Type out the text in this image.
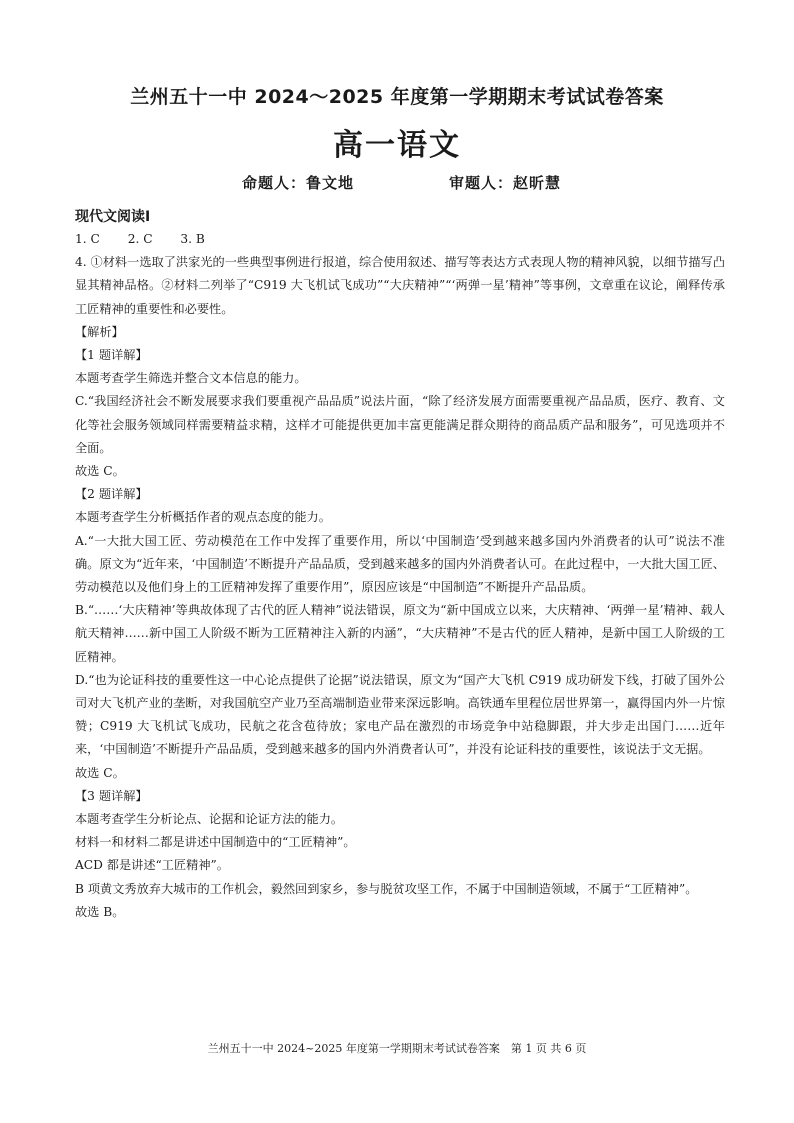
兰州五十一中 2024～2025 年度第一学期期末考试试卷答案
高一语文
命题人：鲁文地	审题人：赵昕慧
现代文阅读Ⅰ

1. C 2. C 3. B

4. ①材料一选取了洪家光的一些典型事例进行报道，综合使用叙述、描写等表达方式表现人物的精神风貌，以细节描写凸显其精神品格。②材料二列举了“C919 大飞机试飞成功”“大庆精神”“‘两弹一星’精神”等事例，文章重在议论，阐释传承工匠精神的重要性和必要性。

【解析】

【1 题详解】

本题考查学生筛选并整合文本信息的能力。

C.“我国经济社会不断发展要求我们要重视产品品质”说法片面，“除了经济发展方面需要重视产品品质，医疗、教育、文化等社会服务领域同样需要精益求精，这样才可能提供更加丰富更能满足群众期待的商品质产品和服务”，可见选项并不全面。

故选 C。

【2 题详解】

本题考查学生分析概括作者的观点态度的能力。

A.“一大批大国工匠、劳动模范在工作中发挥了重要作用，所以‘中国制造’受到越来越多国内外消费者的认可”说法不准确。原文为“近年来，‘中国制造’不断提升产品品质，受到越来越多的国内外消费者认可。在此过程中，一大批大国工匠、劳动模范以及他们身上的工匠精神发挥了重要作用”，原因应该是“中国制造”不断提升产品品质。

B.“……‘大庆精神’等典故体现了古代的匠人精神”说法错误，原文为“新中国成立以来，大庆精神、‘两弹一星’精神、载人航天精神……新中国工人阶级不断为工匠精神注入新的内涵”，“大庆精神”不是古代的匠人精神，是新中国工人阶级的工匠精神。

D.“也为论证科技的重要性这一中心论点提供了论据”说法错误，原文为“国产大飞机 C919 成功研发下线，打破了国外公司对大飞机产业的垄断，对我国航空产业乃至高端制造业带来深远影响。高铁通车里程位居世界第一，赢得国内外一片惊赞；C919 大飞机试飞成功，民航之花含苞待放；家电产品在激烈的市场竞争中站稳脚跟，并大步走出国门……近年来，‘中国制造’不断提升产品品质，受到越来越多的国内外消费者认可”，并没有论证科技的重要性，该说法于文无据。

故选 C。

【3 题详解】

本题考查学生分析论点、论据和论证方法的能力。

材料一和材料二都是讲述中国制造中的“工匠精神”。

ACD 都是讲述“工匠精神”。

B 项黄文秀放弃大城市的工作机会，毅然回到家乡，参与脱贫攻坚工作，不属于中国制造领域，不属于“工匠精神”。

故选 B。

兰州五十一中 2024~2025 年度第一学期期末考试试卷答案　第 1 页 共 6 页
